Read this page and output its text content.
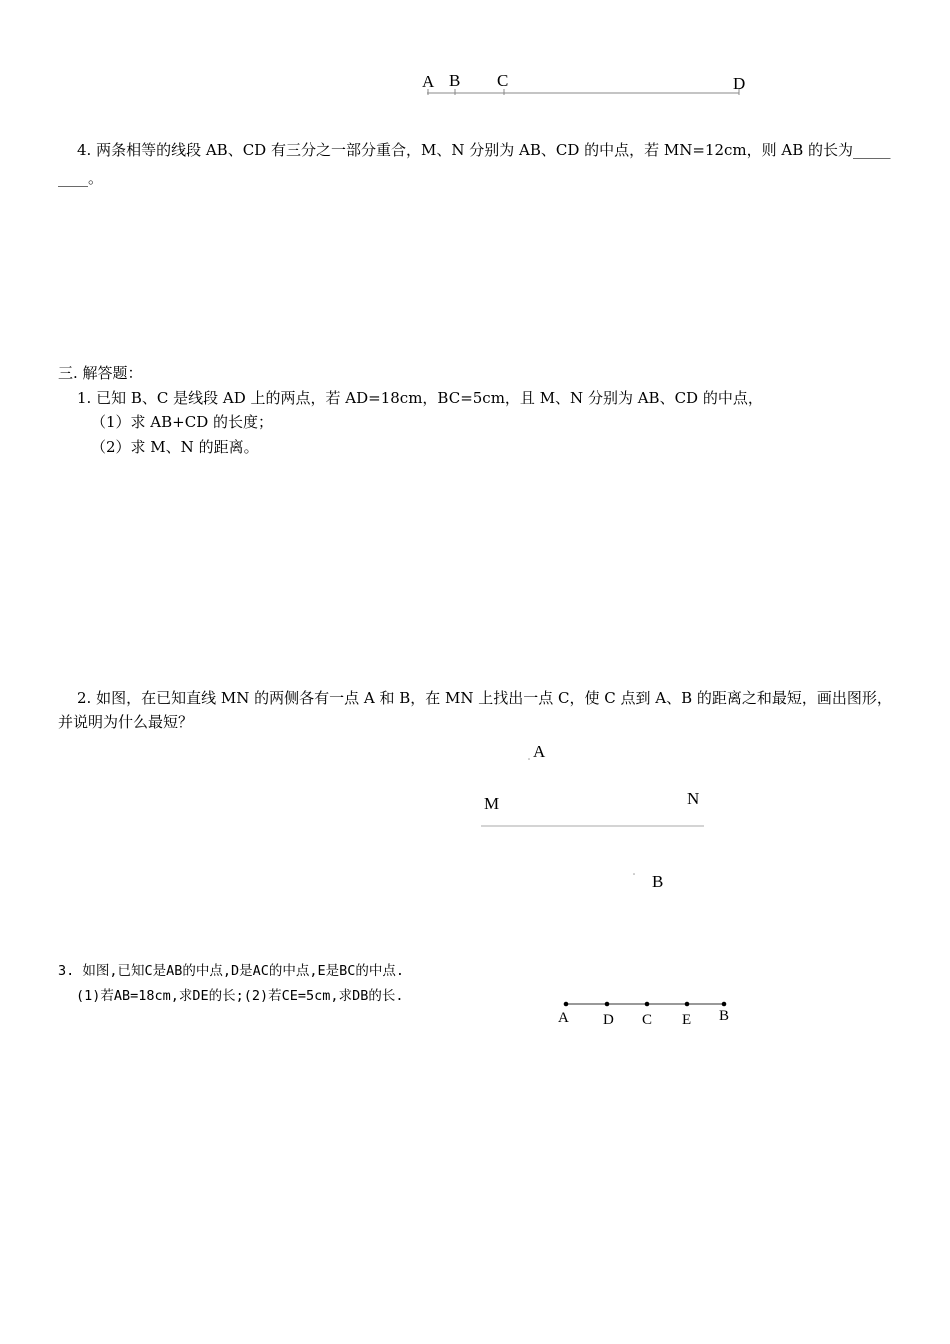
A B C	D
4. 两条相等的线段 AB、CD 有三分之一部分重合，M、N 分别为 AB、CD 的中点，若 MN=12cm，则 AB 的长为_____
____。
三. 解答题：
1. 已知 B、C 是线段 AD 上的两点，若 AD=18cm，BC=5cm，且 M、N 分别为 AB、CD 的中点，
（1）求 AB+CD 的长度；
（2）求 M、N 的距离。
2. 如图，在已知直线 MN 的两侧各有一点 A 和 B，在 MN 上找出一点 C，使 C 点到 A、B 的距离之和最短，画出图形，
并说明为什么最短？
A
M	N
B
3. 如图,已知C是AB的中点,D是AC的中点,E是BC的中点.
(1)若AB=18cm,求DE的长;(2)若CE=5cm,求DB的长.
A D C E B
